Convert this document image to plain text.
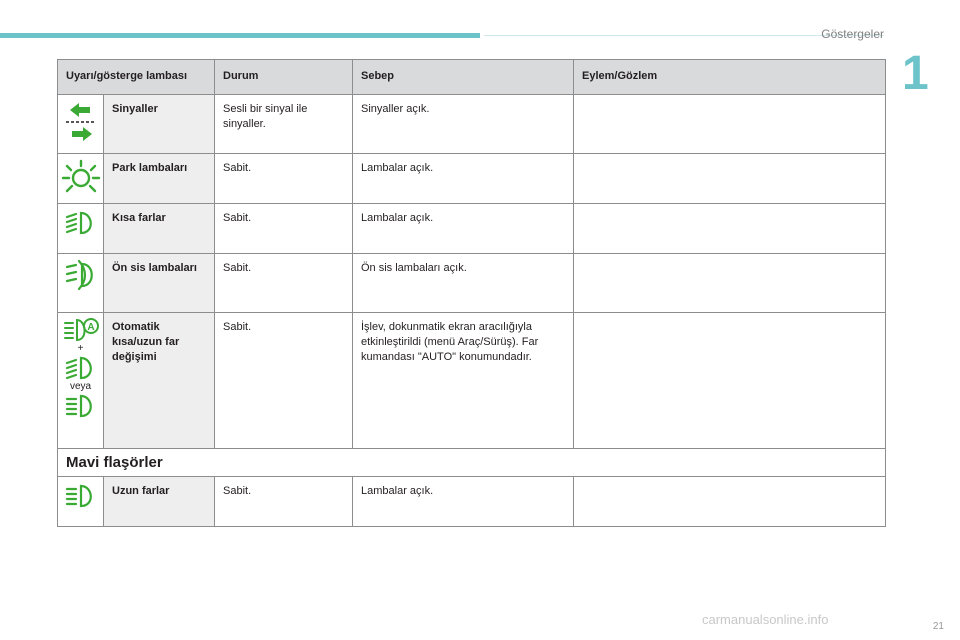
Göstergeler
1
Uyarı/gösterge lambası		Durum	Sebep	Eylem/Gözlem

	Sinyaller	Sesli bir sinyal ile sinyaller.	Sinyaller açık.	

	Park lambaları	Sabit.	Lambalar açık.	

	Kısa farlar	Sabit.	Lambalar açık.	

	Ön sis lambaları	Sabit.	Ön sis lambaları açık.	

A
+
veya	Otomatik kısa/uzun far değişimi	Sabit.	İşlev, dokunmatik ekran aracılığıyla etkinleştirildi (menü Araç/Sürüş). Far kumandası "AUTO" konumundadır.	
Mavi flaşörler				

	Uzun farlar	Sabit.	Lambalar açık.	
21
carmanualsonline.info
